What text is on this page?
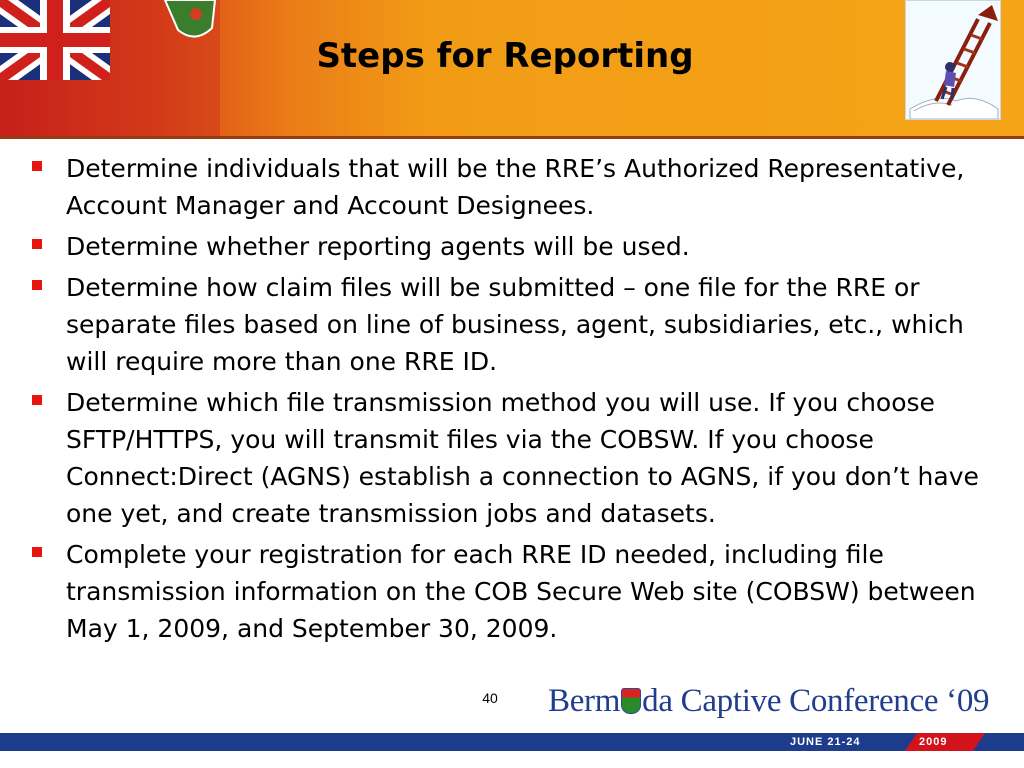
Steps for Reporting
Determine individuals that will be the RRE’s Authorized Representative, Account Manager and Account Designees.
Determine whether reporting agents will be used.
Determine how claim files will be submitted – one file for the RRE or separate files based on line of business, agent, subsidiaries, etc., which will require more than one RRE ID.
Determine which file transmission method you will use. If you choose SFTP/HTTPS, you will transmit files via the COBSW. If you choose Connect:Direct (AGNS) establish a connection to AGNS, if you don’t have one yet, and create transmission jobs and datasets.
Complete your registration for each RRE ID needed, including file transmission information on the COB Secure Web site (COBSW) between May 1, 2009, and September 30, 2009.
40 Berm da Captive Conference ‘09
JUNE 21-24	2009
